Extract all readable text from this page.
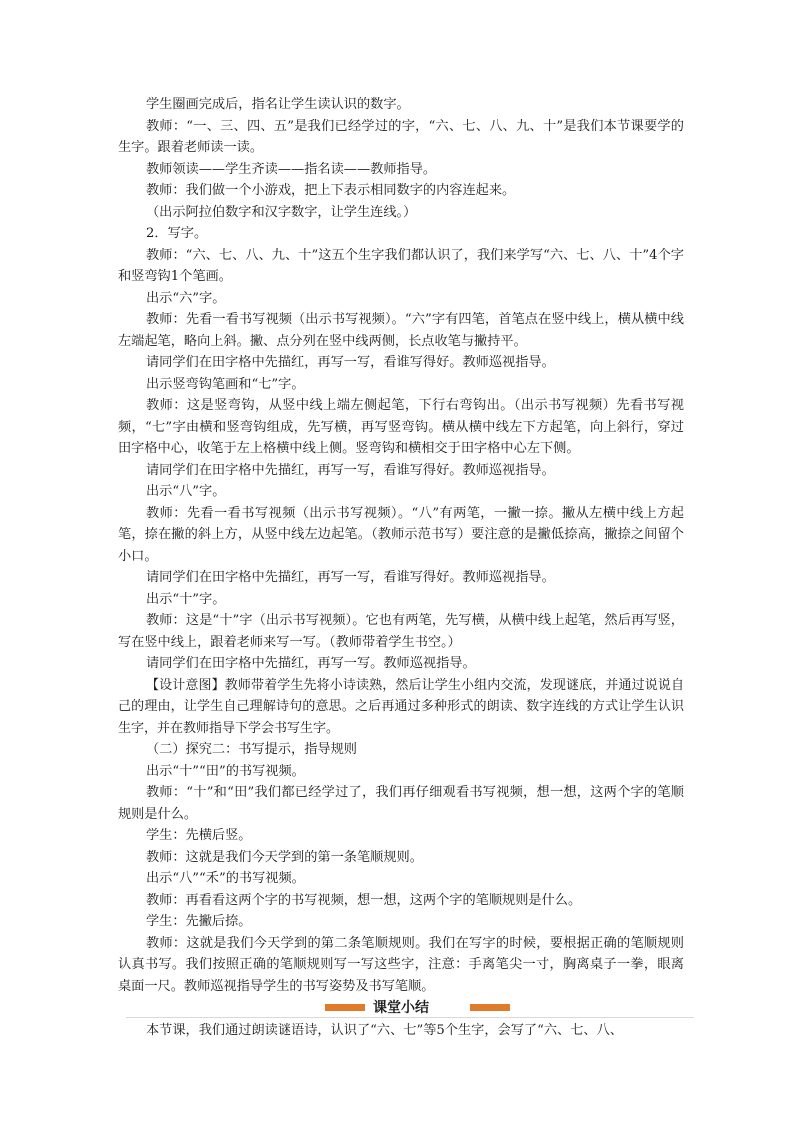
学生圈画完成后，指名让学生读认识的数字。

教师：“一、三、四、五”是我们已经学过的字，“六、七、八、九、十”是我们本节课要学的生字。跟着老师读一读。

教师领读——学生齐读——指名读——教师指导。

教师：我们做一个小游戏，把上下表示相同数字的内容连起来。

（出示阿拉伯数字和汉字数字，让学生连线。）

2．写字。

教师：“六、七、八、九、十”这五个生字我们都认识了，我们来学写“六、七、八、十”4个字和竖弯钩1个笔画。

出示“六”字。

教师：先看一看书写视频（出示书写视频）。“六”字有四笔，首笔点在竖中线上，横从横中线左端起笔，略向上斜。撇、点分列在竖中线两侧，长点收笔与撇持平。

请同学们在田字格中先描红，再写一写，看谁写得好。教师巡视指导。

出示竖弯钩笔画和“七”字。

教师：这是竖弯钩，从竖中线上端左侧起笔，下行右弯钩出。（出示书写视频）先看书写视频，“七”字由横和竖弯钩组成，先写横，再写竖弯钩。横从横中线左下方起笔，向上斜行，穿过田字格中心，收笔于左上格横中线上侧。竖弯钩和横相交于田字格中心左下侧。

请同学们在田字格中先描红，再写一写，看谁写得好。教师巡视指导。

出示“八”字。

教师：先看一看书写视频（出示书写视频）。“八”有两笔，一撇一捺。撇从左横中线上方起笔，捺在撇的斜上方，从竖中线左边起笔。（教师示范书写）要注意的是撇低捺高，撇捺之间留个小口。

请同学们在田字格中先描红，再写一写，看谁写得好。教师巡视指导。

出示“十”字。

教师：这是“十”字（出示书写视频）。它也有两笔，先写横，从横中线上起笔，然后再写竖，写在竖中线上，跟着老师来写一写。（教师带着学生书空。）

请同学们在田字格中先描红，再写一写。教师巡视指导。

【设计意图】教师带着学生先将小诗读熟，然后让学生小组内交流，发现谜底，并通过说说自己的理由，让学生自己理解诗句的意思。之后再通过多种形式的朗读、数字连线的方式让学生认识生字，并在教师指导下学会书写生字。

（二）探究二：书写提示，指导规则

出示“十”“田”的书写视频。

教师：“十”和“田”我们都已经学过了，我们再仔细观看书写视频，想一想，这两个字的笔顺规则是什么。

学生：先横后竖。

教师：这就是我们今天学到的第一条笔顺规则。

出示“八”“禾”的书写视频。

教师：再看看这两个字的书写视频，想一想，这两个字的笔顺规则是什么。

学生：先撇后捺。

教师：这就是我们今天学到的第二条笔顺规则。我们在写字的时候，要根据正确的笔顺规则认真书写。我们按照正确的笔顺规则写一写这些字，注意：手离笔尖一寸，胸离桌子一拳，眼离桌面一尺。教师巡视指导学生的书写姿势及书写笔顺。

课堂小结

本节课，我们通过朗读谜语诗，认识了“六、七”等5个生字，会写了“六、七、八、
